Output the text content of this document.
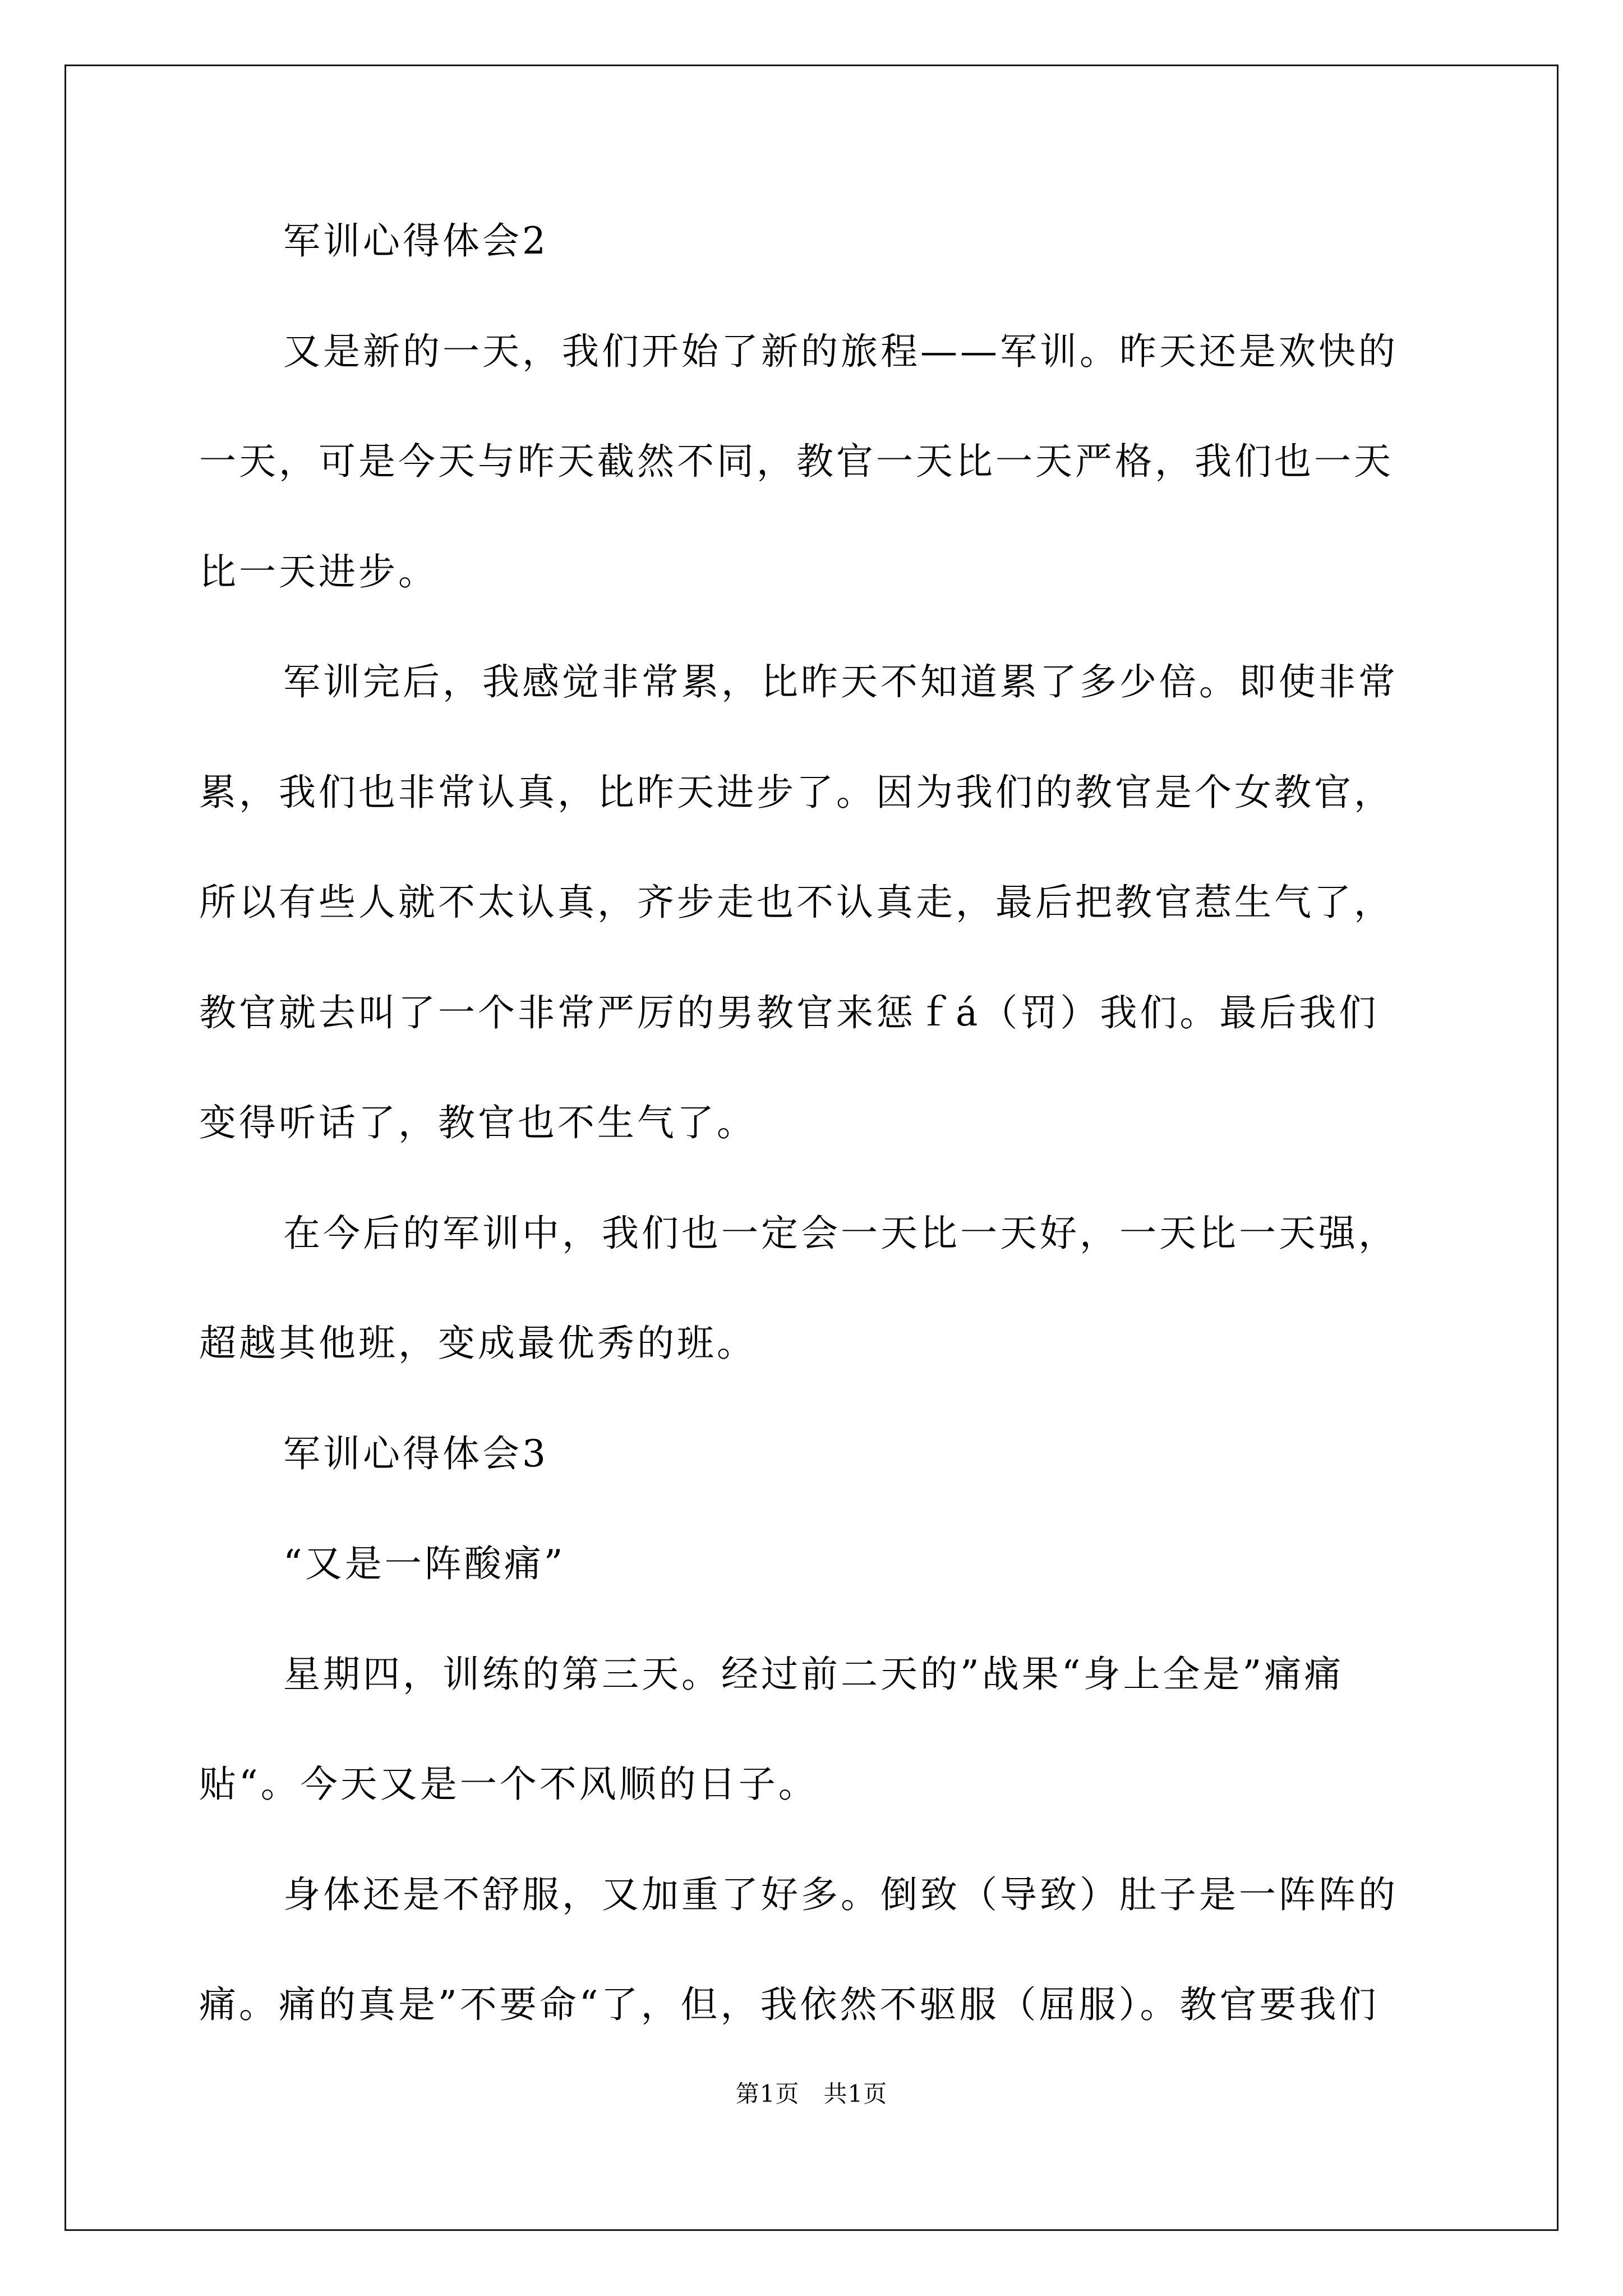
军训心得体会2
又是新的一天，我们开始了新的旅程——军训。昨天还是欢快的
一天，可是今天与昨天截然不同，教官一天比一天严格，我们也一天
比一天进步。
军训完后，我感觉非常累，比昨天不知道累了多少倍。即使非常
累，我们也非常认真，比昨天进步了。因为我们的教官是个女教官，
所以有些人就不太认真，齐步走也不认真走，最后把教官惹生气了，
教官就去叫了一个非常严厉的男教官来惩ｆá（罚）我们。最后我们
变得听话了，教官也不生气了。
在今后的军训中，我们也一定会一天比一天好，一天比一天强，
超越其他班，变成最优秀的班。
军训心得体会3
“又是一阵酸痛”
星期四，训练的第三天。经过前二天的”战果“身上全是”痛痛
贴“。今天又是一个不风顺的日子。
身体还是不舒服，又加重了好多。倒致（导致）肚子是一阵阵的
痛。痛的真是”不要命“了，但，我依然不驱服（屈服）。教官要我们
第1页　共1页
